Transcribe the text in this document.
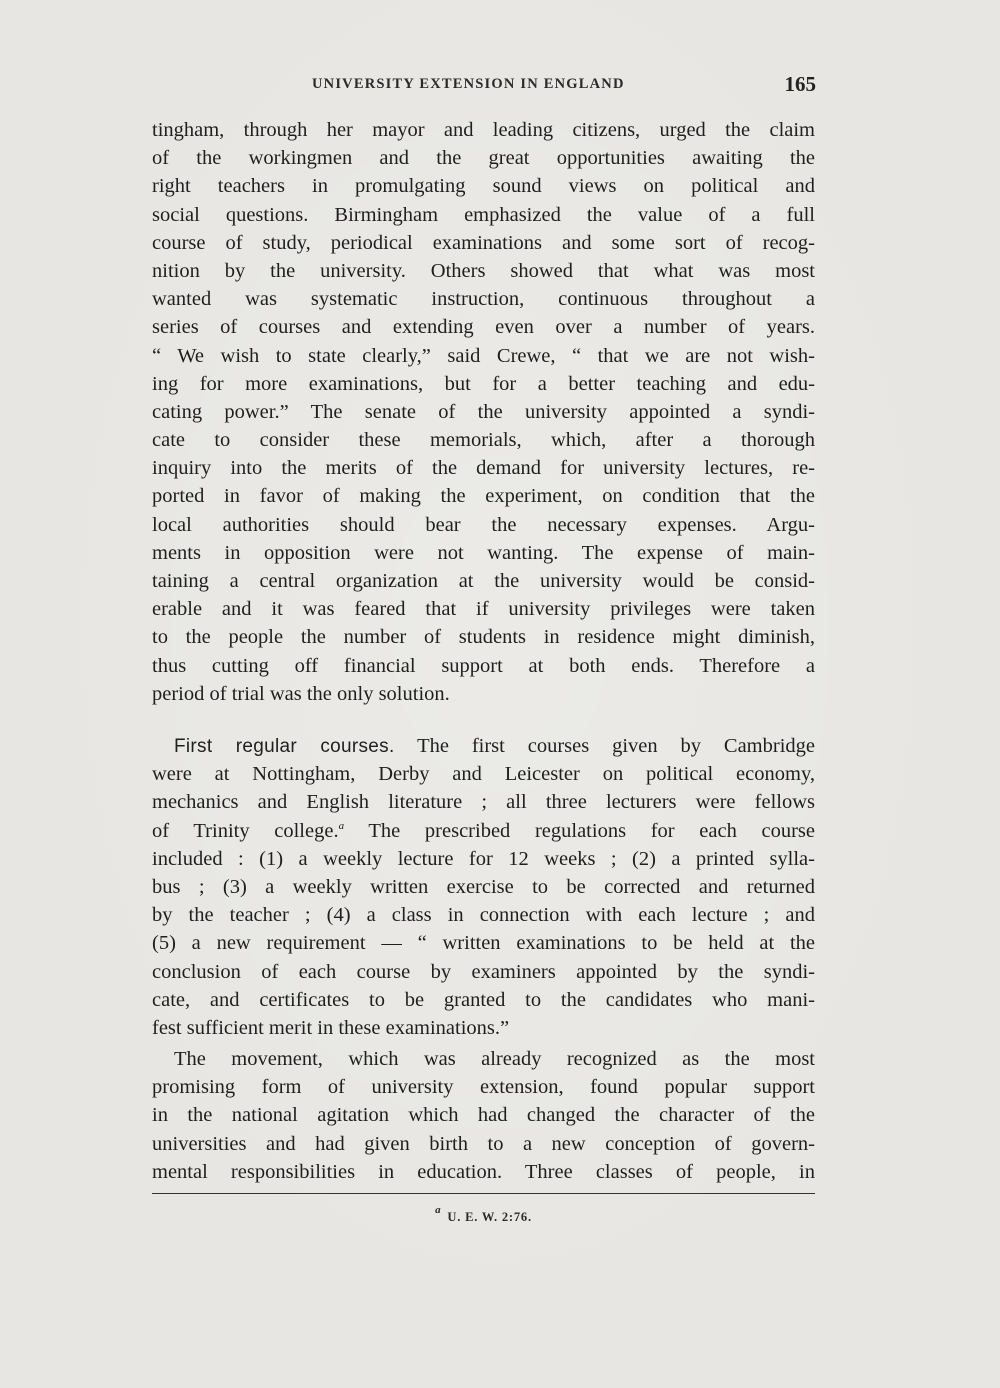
UNIVERSITY EXTENSION IN ENGLAND	165
tingham, through her mayor and leading citizens, urged the claim
of the workingmen and the great opportunities awaiting the
right teachers in promulgating sound views on political and
social questions. Birmingham emphasized the value of a full
course of study, periodical examinations and some sort of recog-
nition by the university. Others showed that what was most
wanted was systematic instruction, continuous throughout a
series of courses and extending even over a number of years.
“ We wish to state clearly,” said Crewe, “ that we are not wish-
ing for more examinations, but for a better teaching and edu-
cating power.” The senate of the university appointed a syndi-
cate to consider these memorials, which, after a thorough
inquiry into the merits of the demand for university lectures, re-
ported in favor of making the experiment, on condition that the
local authorities should bear the necessary expenses. Argu-
ments in opposition were not wanting. The expense of main-
taining a central organization at the university would be consid-
erable and it was feared that if university privileges were taken
to the people the number of students in residence might diminish,
thus cutting off financial support at both ends. Therefore a
period of trial was the only solution.
First regular courses. The first courses given by Cambridge
were at Nottingham, Derby and Leicester on political economy,
mechanics and English literature ; all three lecturers were fellows
of Trinity college.$^a$ The prescribed regulations for each course
included : (1) a weekly lecture for 12 weeks ; (2) a printed sylla-
bus ; (3) a weekly written exercise to be corrected and returned
by the teacher ; (4) a class in connection with each lecture ; and
(5) a new requirement — “ written examinations to be held at the
conclusion of each course by examiners appointed by the syndi-
cate, and certificates to be granted to the candidates who mani-
fest sufficient merit in these examinations.”
The movement, which was already recognized as the most
promising form of university extension, found popular support
in the national agitation which had changed the character of the
universities and had given birth to a new conception of govern-
mental responsibilities in education. Three classes of people, in
$^a$ U. E. W. 2:76.
